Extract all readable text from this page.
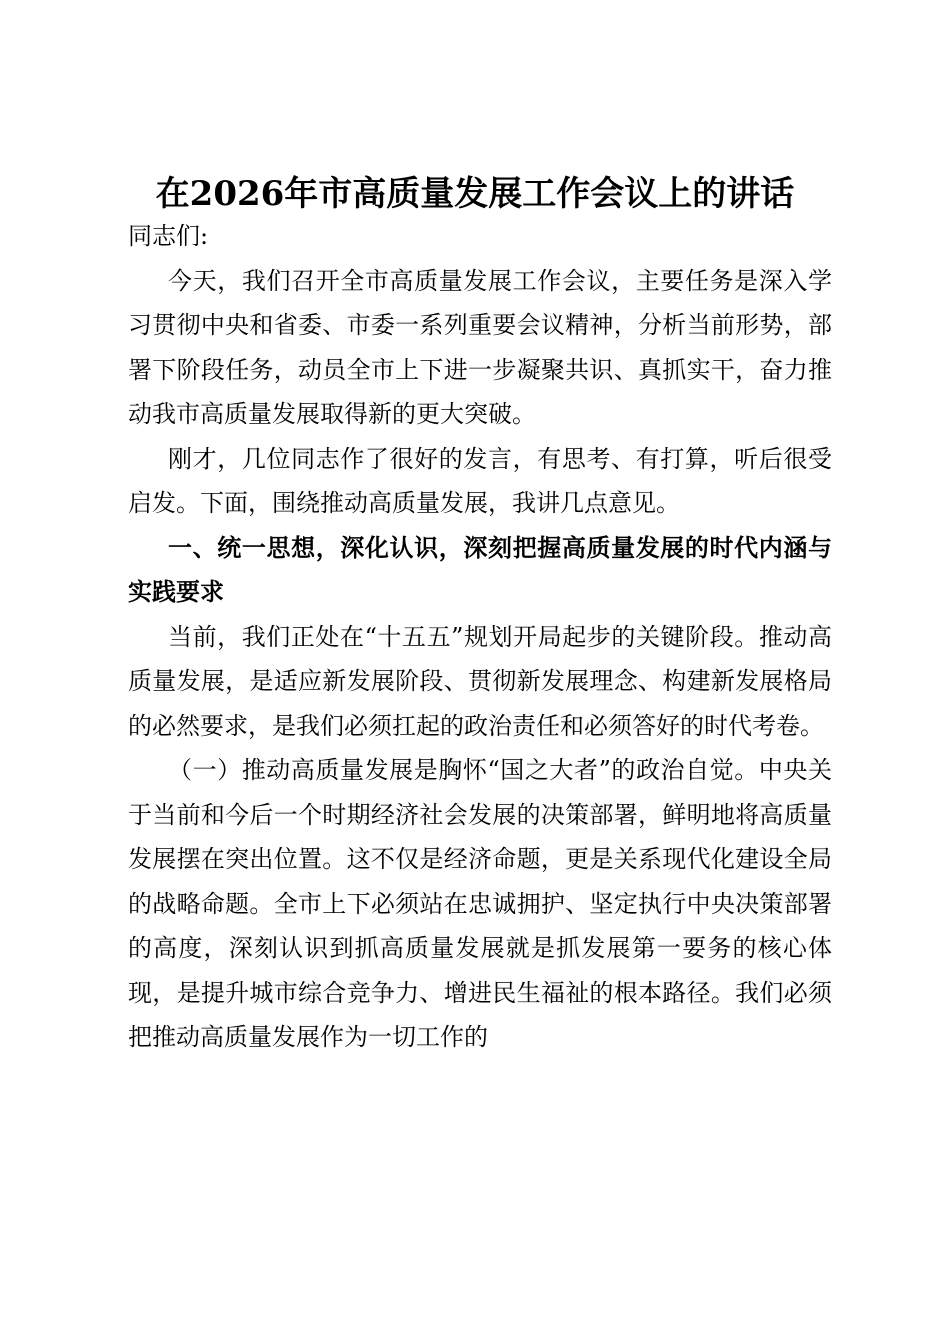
在2026年市高质量发展工作会议上的讲话

同志们:

今天，我们召开全市高质量发展工作会议，主要任务是深入学习贯彻中央和省委、市委一系列重要会议精神，分析当前形势，部署下阶段任务，动员全市上下进一步凝聚共识、真抓实干，奋力推动我市高质量发展取得新的更大突破。

刚才，几位同志作了很好的发言，有思考、有打算，听后很受启发。下面，围绕推动高质量发展，我讲几点意见。

一、统一思想，深化认识，深刻把握高质量发展的时代内涵与实践要求

当前，我们正处在“十五五”规划开局起步的关键阶段。推动高质量发展，是适应新发展阶段、贯彻新发展理念、构建新发展格局的必然要求，是我们必须扛起的政治责任和必须答好的时代考卷。

（一）推动高质量发展是胸怀“国之大者”的政治自觉。中央关于当前和今后一个时期经济社会发展的决策部署，鲜明地将高质量发展摆在突出位置。这不仅是经济命题，更是关系现代化建设全局的战略命题。全市上下必须站在忠诚拥护、坚定执行中央决策部署的高度，深刻认识到抓高质量发展就是抓发展第一要务的核心体现，是提升城市综合竞争力、增进民生福祉的根本路径。我们必须把推动高质量发展作为一切工作的
